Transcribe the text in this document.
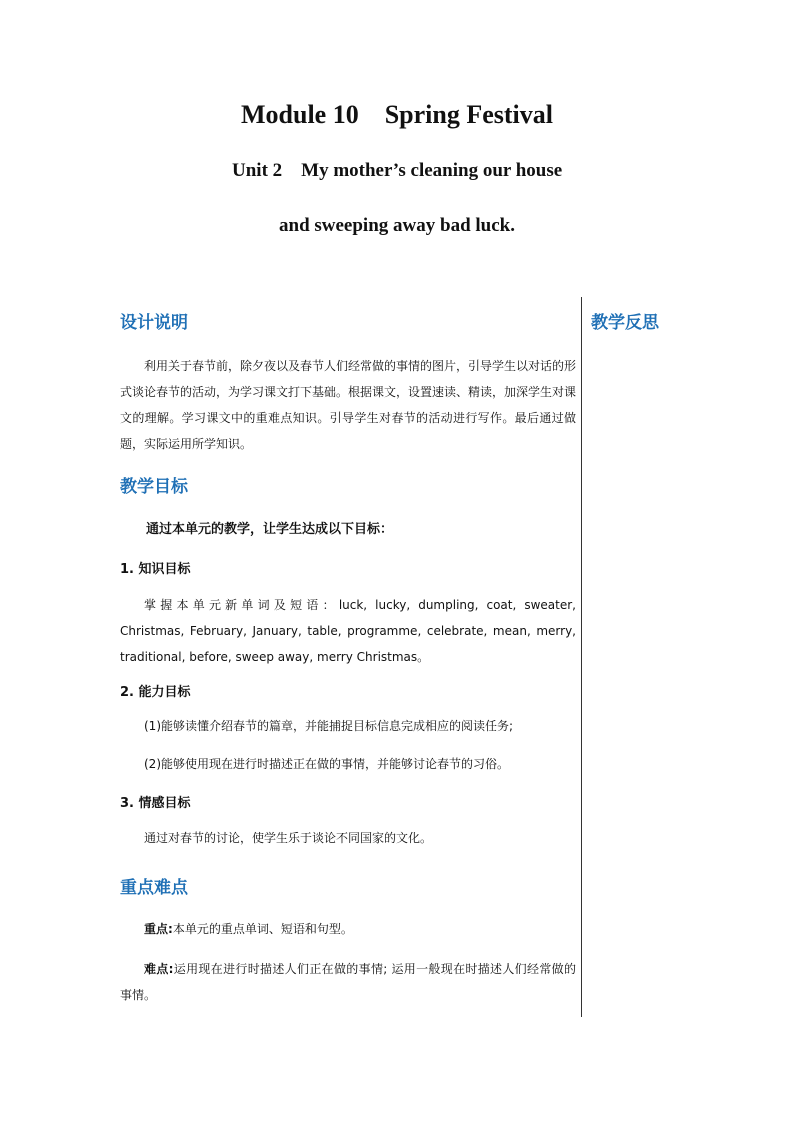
Module 10    Spring Festival
Unit 2    My mother’s cleaning our house
and sweeping away bad luck.
教学反思

设计说明

利用关于春节前，除夕夜以及春节人们经常做的事情的图片，引导学生以对话的形式谈论春节的活动，为学习课文打下基础。根据课文，设置速读、精读，加深学生对课文的理解。学习课文中的重难点知识。引导学生对春节的活动进行写作。最后通过做题，实际运用所学知识。

教学目标

通过本单元的教学，让学生达成以下目标：

1. 知识目标

掌握本单元新单词及短语：luck, lucky, dumpling, coat, sweater, Christmas, February, January, table, programme, celebrate, mean, merry, traditional, before, sweep away, merry Christmas。

2. 能力目标

(1)能够读懂介绍春节的篇章，并能捕捉目标信息完成相应的阅读任务;

(2)能够使用现在进行时描述正在做的事情，并能够讨论春节的习俗。

3. 情感目标

通过对春节的讨论，使学生乐于谈论不同国家的文化。

重点难点

重点:本单元的重点单词、短语和句型。

难点:运用现在进行时描述人们正在做的事情; 运用一般现在时描述人们经常做的事情。
